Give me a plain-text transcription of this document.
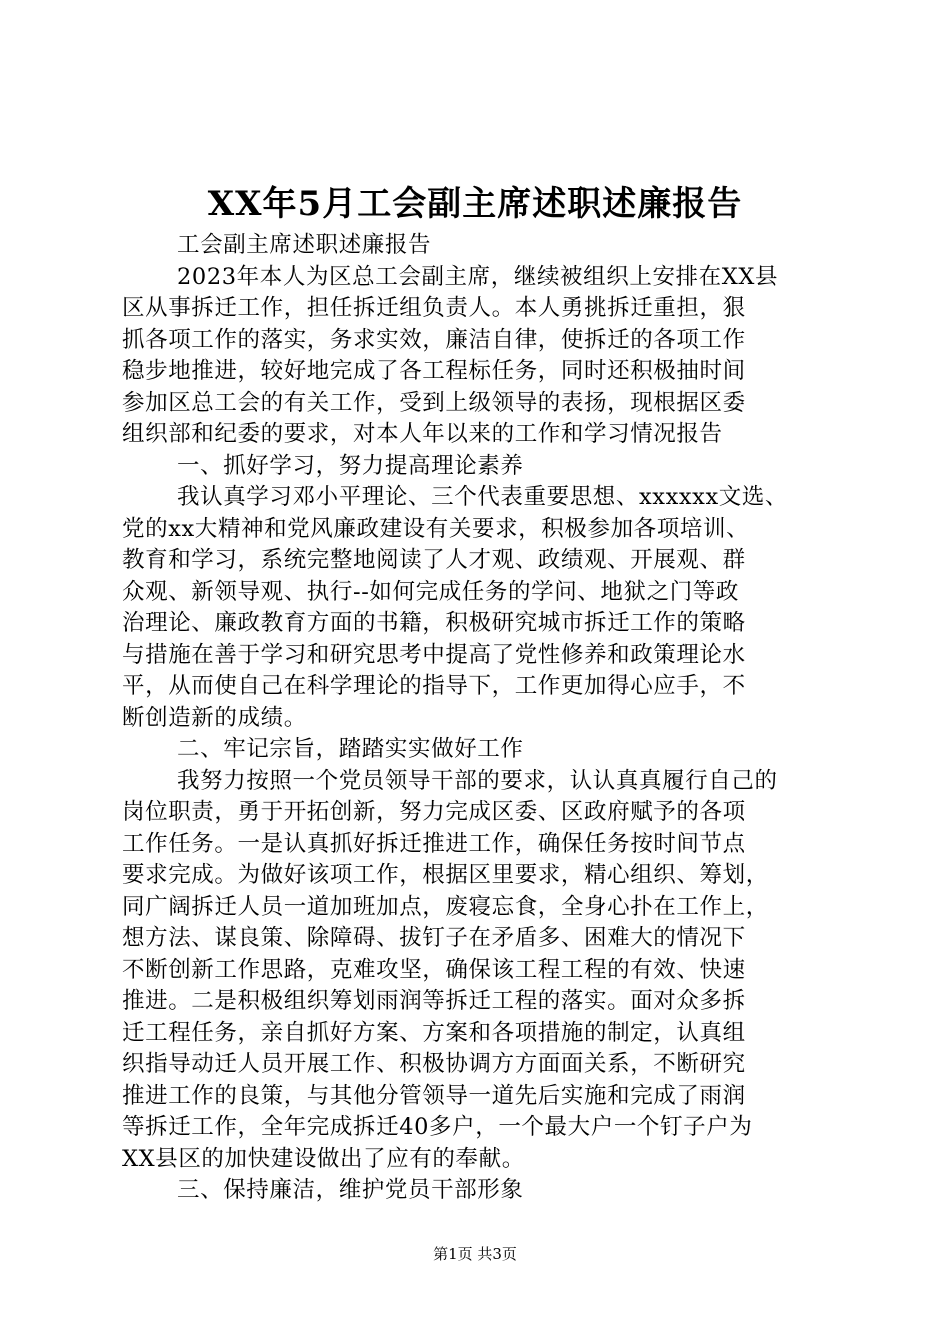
XX年5月工会副主席述职述廉报告
工会副主席述职述廉报告
2023年本人为区总工会副主席，继续被组织上安排在XX县
区从事拆迁工作，担任拆迁组负责人。本人勇挑拆迁重担，狠
抓各项工作的落实，务求实效，廉洁自律，使拆迁的各项工作
稳步地推进，较好地完成了各工程标任务，同时还积极抽时间
参加区总工会的有关工作，受到上级领导的表扬，现根据区委
组织部和纪委的要求，对本人年以来的工作和学习情况报告
一、抓好学习，努力提高理论素养
我认真学习邓小平理论、三个代表重要思想、xxxxxx文选、
党的xx大精神和党风廉政建设有关要求，积极参加各项培训、
教育和学习，系统完整地阅读了人才观、政绩观、开展观、群
众观、新领导观、执行--如何完成任务的学问、地狱之门等政
治理论、廉政教育方面的书籍，积极研究城市拆迁工作的策略
与措施在善于学习和研究思考中提高了党性修养和政策理论水
平，从而使自己在科学理论的指导下，工作更加得心应手，不
断创造新的成绩。
二、牢记宗旨，踏踏实实做好工作
我努力按照一个党员领导干部的要求，认认真真履行自己的
岗位职责，勇于开拓创新，努力完成区委、区政府赋予的各项
工作任务。一是认真抓好拆迁推进工作，确保任务按时间节点
要求完成。为做好该项工作，根据区里要求，精心组织、筹划，
同广阔拆迁人员一道加班加点，废寝忘食，全身心扑在工作上，
想方法、谋良策、除障碍、拔钉子在矛盾多、困难大的情况下
不断创新工作思路，克难攻坚，确保该工程工程的有效、快速
推进。二是积极组织筹划雨润等拆迁工程的落实。面对众多拆
迁工程任务，亲自抓好方案、方案和各项措施的制定，认真组
织指导动迁人员开展工作、积极协调方方面面关系，不断研究
推进工作的良策，与其他分管领导一道先后实施和完成了雨润
等拆迁工作，全年完成拆迁40多户，一个最大户一个钉子户为
XX县区的加快建设做出了应有的奉献。
三、保持廉洁，维护党员干部形象
第1页 共3页
